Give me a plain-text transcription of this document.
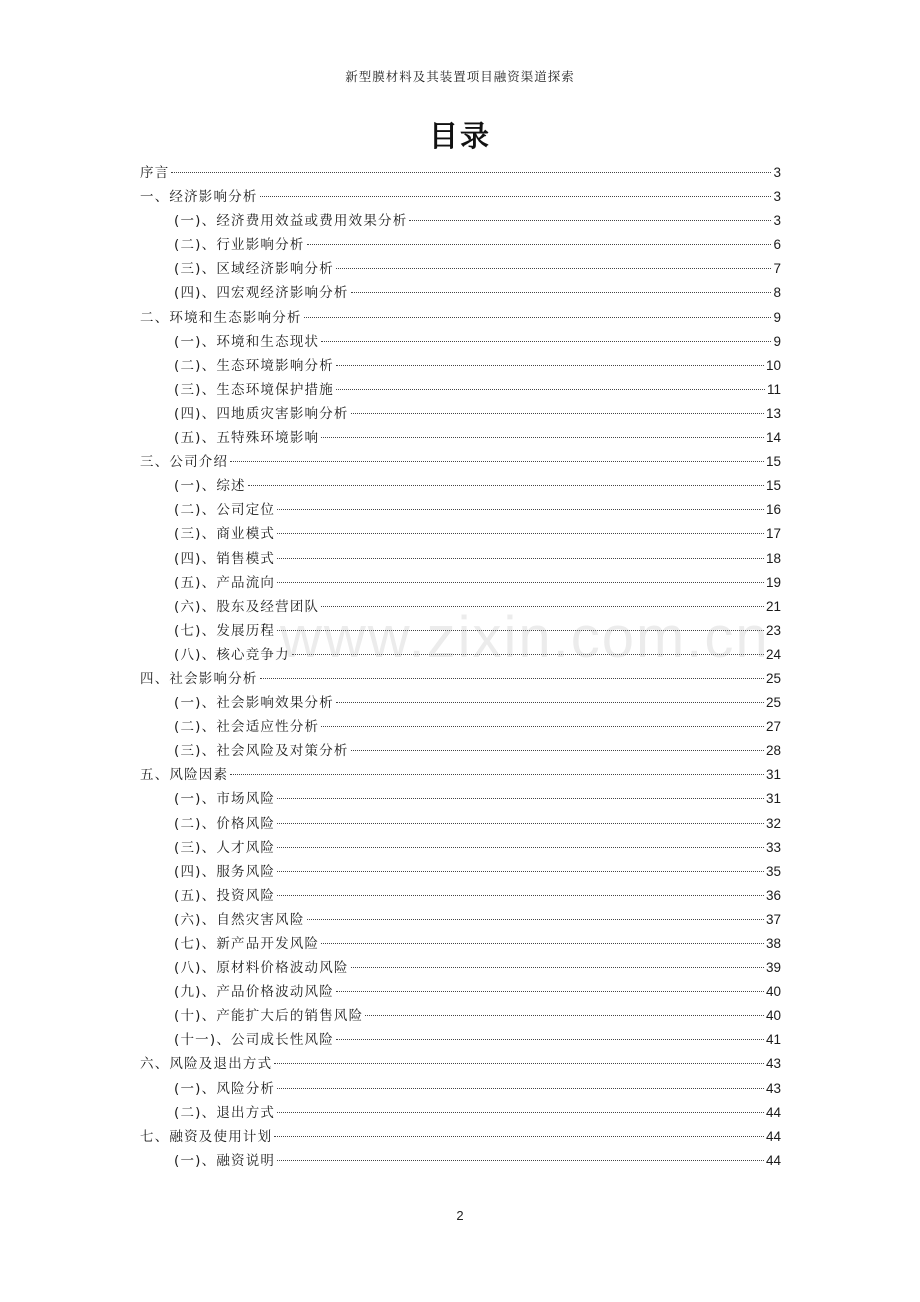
新型膜材料及其装置项目融资渠道探索
目录
序言	3
一、经济影响分析	3
(一)、经济费用效益或费用效果分析	3
(二)、行业影响分析	6
(三)、区域经济影响分析	7
(四)、四宏观经济影响分析	8
二、环境和生态影响分析	9
(一)、环境和生态现状	9
(二)、生态环境影响分析	10
(三)、生态环境保护措施	11
(四)、四地质灾害影响分析	13
(五)、五特殊环境影响	14
三、公司介绍	15
(一)、综述	15
(二)、公司定位	16
(三)、商业模式	17
(四)、销售模式	18
(五)、产品流向	19
(六)、股东及经营团队	21
(七)、发展历程	23
(八)、核心竞争力	24
四、社会影响分析	25
(一)、社会影响效果分析	25
(二)、社会适应性分析	27
(三)、社会风险及对策分析	28
五、风险因素	31
(一)、市场风险	31
(二)、价格风险	32
(三)、人才风险	33
(四)、服务风险	35
(五)、投资风险	36
(六)、自然灾害风险	37
(七)、新产品开发风险	38
(八)、原材料价格波动风险	39
(九)、产品价格波动风险	40
(十)、产能扩大后的销售风险	40
(十一)、公司成长性风险	41
六、风险及退出方式	43
(一)、风险分析	43
(二)、退出方式	44
七、融资及使用计划	44
(一)、融资说明	44
www.zixin.com.cn
2
